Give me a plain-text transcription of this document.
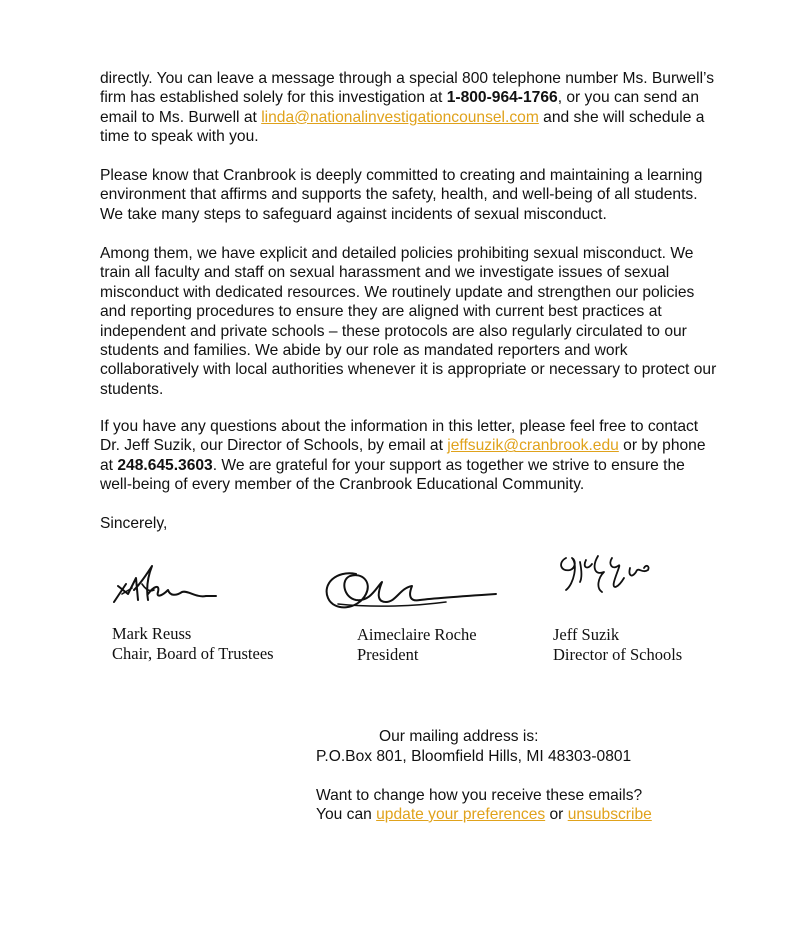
directly. You can leave a message through a special 800 telephone number Ms. Burwell’s firm has established solely for this investigation at 1-800-964-1766, or you can send an email to Ms. Burwell at linda@nationalinvestigationcounsel.com and she will schedule a time to speak with you.

Please know that Cranbrook is deeply committed to creating and maintaining a learning environment that affirms and supports the safety, health, and well-being of all students. We take many steps to safeguard against incidents of sexual misconduct.

Among them, we have explicit and detailed policies prohibiting sexual misconduct. We train all faculty and staff on sexual harassment and we investigate issues of sexual misconduct with dedicated resources. We routinely update and strengthen our policies and reporting procedures to ensure they are aligned with current best practices at independent and private schools – these protocols are also regularly circulated to our students and families. We abide by our role as mandated reporters and work collaboratively with local authorities whenever it is appropriate or necessary to protect our students.

If you have any questions about the information in this letter, please feel free to contact Dr. Jeff Suzik, our Director of Schools, by email at jeffsuzik@cranbrook.edu or by phone at 248.645.3603. We are grateful for your support as together we strive to ensure the well-being of every member of the Cranbrook Educational Community.

Sincerely,

Mark Reuss
Chair, Board of Trustees
Aimeclaire Roche
President
Jeff Suzik
Director of Schools
Our mailing address is:
P.O.Box 801, Bloomfield Hills, MI 48303-0801
Want to change how you receive these emails?
You can update your preferences or unsubscribe
